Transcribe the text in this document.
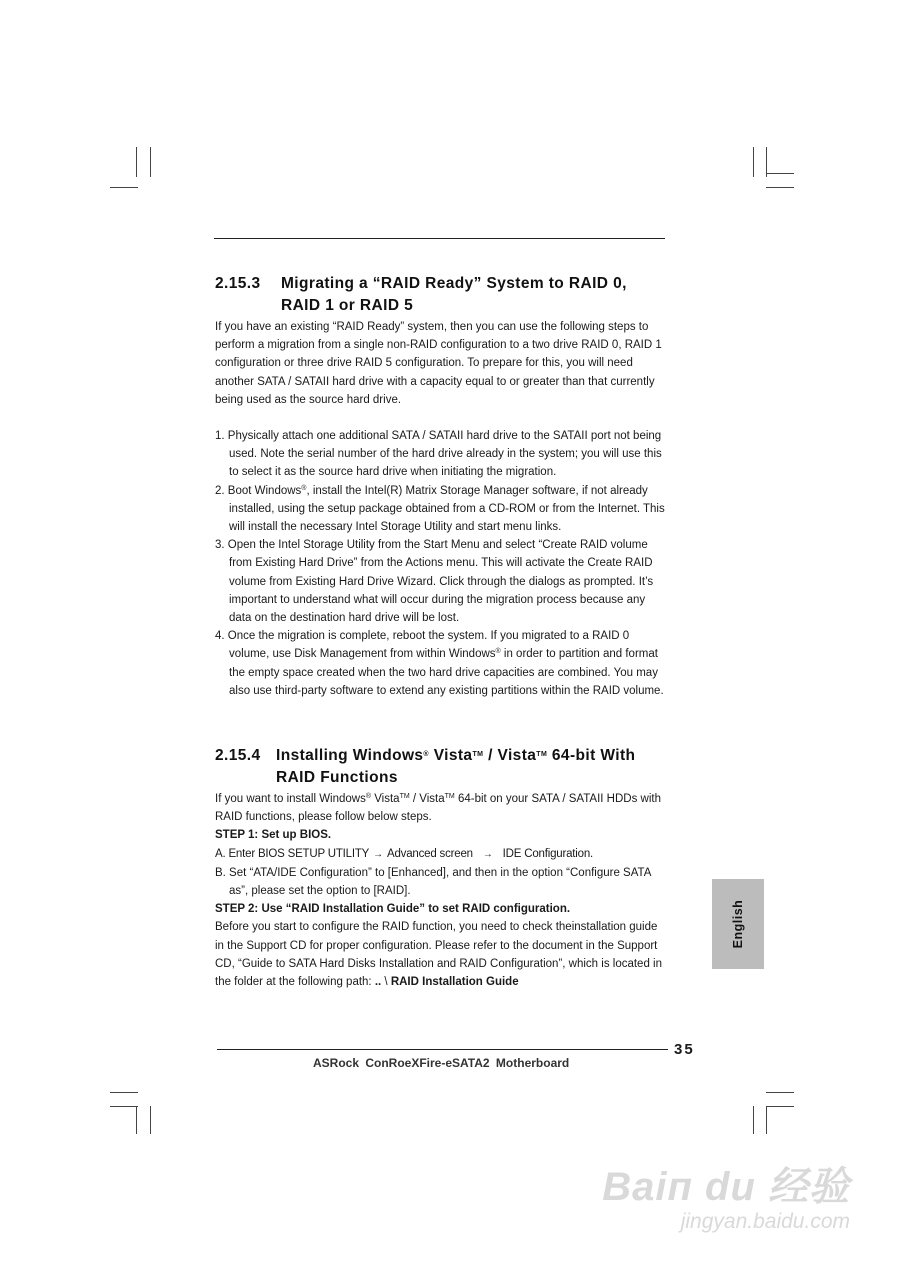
2.15.3 Migrating a “RAID Ready” System to RAID 0,
RAID 1 or RAID 5

If you have an existing “RAID Ready” system, then you can use the following steps to perform a migration from a single non-RAID configuration to a two drive RAID 0, RAID 1 configuration or three drive RAID 5 configuration. To prepare for this, you will need another SATA / SATAII hard drive with a capacity equal to or greater than that currently being used as the source hard drive.

1. Physically attach one additional SATA / SATAII hard drive to the SATAII port not being used. Note the serial number of the hard drive already in the system; you will use this to select it as the source hard drive when initiating the migration.

2. Boot Windows®, install the Intel(R) Matrix Storage Manager software, if not already installed, using the setup package obtained from a CD-ROM or from the Internet. This will install the necessary Intel Storage Utility and start menu links.

3. Open the Intel Storage Utility from the Start Menu and select “Create RAID volume from Existing Hard Drive” from the Actions menu. This will activate the Create RAID volume from Existing Hard Drive Wizard. Click through the dialogs as prompted. It’s important to understand what will occur during the migration process because any data on the destination hard drive will be lost.

4. Once the migration is complete, reboot the system. If you migrated to a RAID 0 volume, use Disk Management from within Windows® in order to partition and format the empty space created when the two hard drive capacities are combined. You may also use third-party software to extend any existing partitions within the RAID volume.

2.15.4 Installing Windows® Vista™ / Vista™ 64-bit With
RAID Functions

If you want to install Windows® Vista™ / Vista™ 64-bit on your SATA / SATAII HDDs with RAID functions, please follow below steps.

STEP 1: Set up BIOS.

A. Enter BIOS SETUP UTILITY → Advanced screen → IDE Configuration.

B. Set “ATA/IDE Configuration” to [Enhanced], and then in the option “Configure SATA as”, please set the option to [RAID].

STEP 2: Use “RAID Installation Guide” to set RAID configuration.

Before you start to configure the RAID function, you need to check theinstallation guide in the Support CD for proper configuration. Please refer to the document in the Support CD, “Guide to SATA Hard Disks Installation and RAID Configuration”, which is located in the folder at the following path: .. \ RAID Installation Guide

35
ASRock ConRoeXFire-eSATA2 Motherboard
English
Baiп du 经验
jingyan.baidu.com
